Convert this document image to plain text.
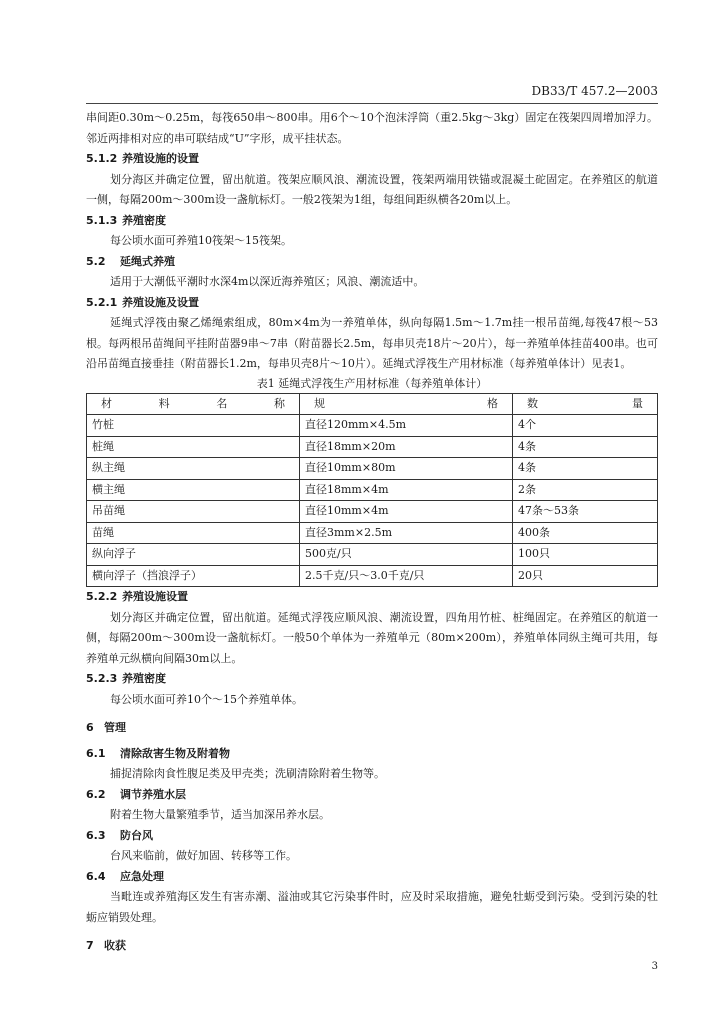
DB33/T 457.2—2003

串间距0.30m～0.25m，每筏650串～800串。用6个～10个泡沫浮筒（重2.5kg～3kg）固定在筏架四周增加浮力。邻近两排相对应的串可联结成“U”字形，成平挂状态。

5.1.2 养殖设施的设置

划分海区并确定位置，留出航道。筏架应顺风浪、潮流设置，筏架两端用铁锚或混凝土砣固定。在养殖区的航道一侧，每隔200m～300m设一盏航标灯。一般2筏架为1组，每组间距纵横各20m以上。

5.1.3 养殖密度

每公顷水面可养殖10筏架～15筏架。

5.2 延绳式养殖

适用于大潮低平潮时水深4m以深近海养殖区；风浪、潮流适中。

5.2.1 养殖设施及设置

延绳式浮筏由聚乙烯绳索组成，80m×4m为一养殖单体，纵向每隔1.5m～1.7m挂一根吊苗绳,每筏47根～53根。每两根吊苗绳间平挂附苗器9串～7串（附苗器长2.5m，每串贝壳18片～20片），每一养殖单体挂苗400串。也可沿吊苗绳直接垂挂（附苗器长1.2m，每串贝壳8片～10片）。延绳式浮筏生产用材标准（每养殖单体计）见表1。

表1 延绳式浮筏生产用材标准（每养殖单体计）
材料名称	规格	数量
竹桩	直径120mm×4.5m	4个
桩绳	直径18mm×20m	4条
纵主绳	直径10mm×80m	4条
横主绳	直径18mm×4m	2条
吊苗绳	直径10mm×4m	47条～53条
苗绳	直径3mm×2.5m	400条
纵向浮子	500克/只	100只
横向浮子（挡浪浮子）	2.5千克/只～3.0千克/只	20只
5.2.2 养殖设施设置

划分海区并确定位置，留出航道。延绳式浮筏应顺风浪、潮流设置，四角用竹桩、桩绳固定。在养殖区的航道一侧，每隔200m～300m设一盏航标灯。一般50个单体为一养殖单元（80m×200m），养殖单体同纵主绳可共用，每养殖单元纵横向间隔30m以上。

5.2.3 养殖密度

每公顷水面可养10个～15个养殖单体。

6 管理
6.1 清除敌害生物及附着物

捕捉清除肉食性腹足类及甲壳类；洗刷清除附着生物等。

6.2 调节养殖水层

附着生物大量繁殖季节，适当加深吊养水层。

6.3 防台风

台风来临前，做好加固、转移等工作。

6.4 应急处理

当毗连或养殖海区发生有害赤潮、溢油或其它污染事件时，应及时采取措施，避免牡蛎受到污染。受到污染的牡蛎应销毁处理。

7 收获
3
